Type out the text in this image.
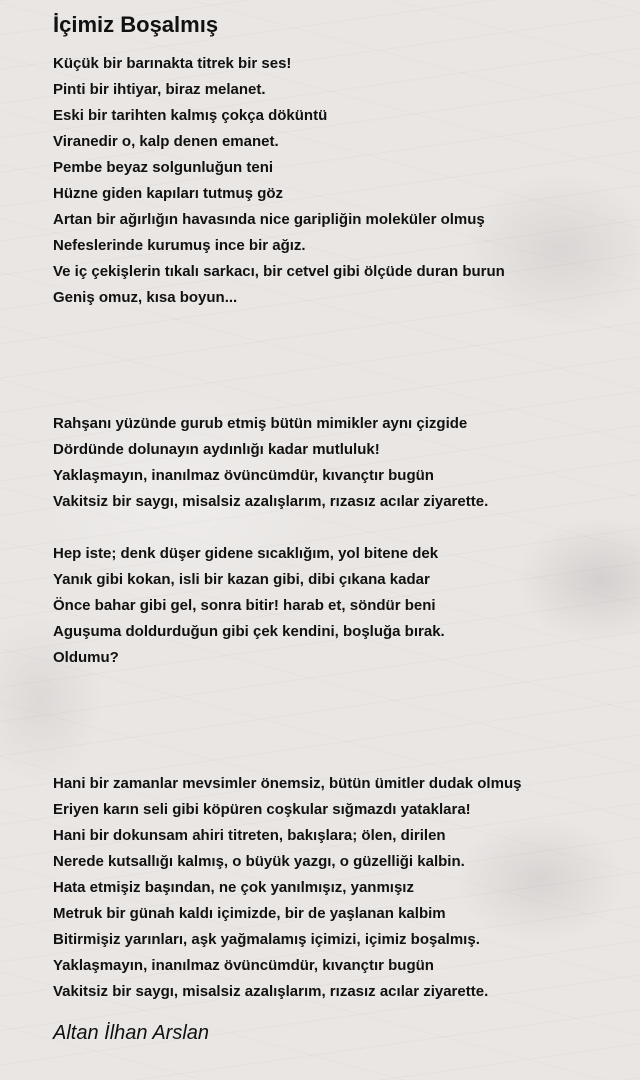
İçimiz Boşalmış
Küçük bir barınakta titrek bir ses!
Pinti bir ihtiyar, biraz melanet.
Eski bir tarihten kalmış çokça döküntü
Viranedir o, kalp denen emanet.
Pembe beyaz solgunluğun teni
Hüzne giden kapıları tutmuş göz
Artan bir ağırlığın havasında nice garipliğin moleküler olmuş
Nefeslerinde kurumuş ince bir ağız.
Ve iç çekişlerin tıkalı sarkacı, bir cetvel gibi ölçüde duran burun
Geniş omuz, kısa boyun...
Rahşanı yüzünde gurub etmiş bütün mimikler aynı çizgide
Dördünde dolunayın aydınlığı kadar mutluluk!
Yaklaşmayın, inanılmaz övüncümdür, kıvançtır bugün
Vakitsiz bir saygı, misalsiz azalışlarım, rızasız acılar ziyarette.
Hep iste; denk düşer gidene sıcaklığım, yol bitene dek
Yanık gibi kokan, isli bir kazan gibi, dibi çıkana kadar
Önce bahar gibi gel, sonra bitir! harab et, söndür beni
Aguşuma doldurduğun gibi çek kendini, boşluğa bırak.
Oldumu?
Hani bir zamanlar mevsimler önemsiz, bütün ümitler dudak olmuş
Eriyen karın seli gibi köpüren coşkular sığmazdı yataklara!
Hani bir dokunsam ahiri titreten, bakışlara; ölen, dirilen
Nerede kutsallığı kalmış, o büyük yazgı, o güzelliği kalbin.
Hata etmişiz başından, ne çok yanılmışız, yanmışız
Metruk bir günah kaldı içimizde, bir de yaşlanan kalbim
Bitirmişiz yarınları, aşk yağmalamış içimizi, içimiz boşalmış.
Yaklaşmayın, inanılmaz övüncümdür, kıvançtır bugün
Vakitsiz bir saygı, misalsiz azalışlarım, rızasız acılar ziyarette.

Altan İlhan Arslan
